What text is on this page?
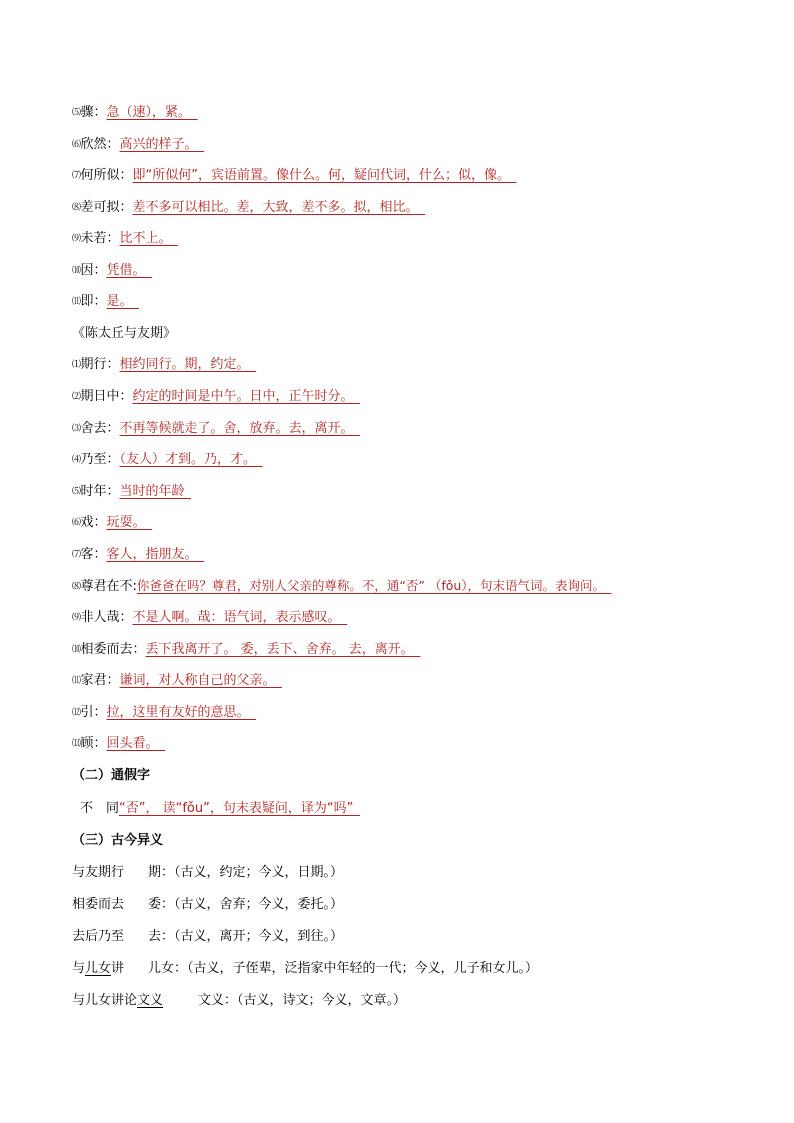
⑸骤：急（速），紧。
⑹欣然：高兴的样子。
⑺何所似：即“所似何”，宾语前置。像什么。何，疑问代词，什么；似，像。
⑻差可拟：差不多可以相比。差，大致，差不多。拟，相比。
⑼未若：比不上。
⑽因：凭借。
⑾即：是。
《陈太丘与友期》
⑴期行：相约同行。期，约定。
⑵期日中：约定的时间是中午。日中，正午时分。
⑶舍去：不再等候就走了。舍，放弃。去，离开。
⑷乃至：（友人）才到。乃，才。
⑸时年：当时的年龄
⑹戏：玩耍。
⑺客：客人，指朋友。
⑻尊君在不:你爸爸在吗？尊君，对别人父亲的尊称。不，通“否” （fǒu），句末语气词。表询问。
⑼非人哉：不是人啊。哉：语气词，表示感叹。
⑽相委而去：丢下我离开了。 委，丢下、舍弃。 去，离开。
⑾家君：谦词，对人称自己的父亲。
⑿引：拉，这里有友好的意思。
⒀顾：回头看。
（二）通假字
不　同“否”， 读“fǒu”，句末表疑问，译为“吗”
（三）古今异义
与友期行 期：（古义，约定；今义，日期。）
相委而去 委：（古义，舍弃；今义，委托。）
去后乃至 去：（古义，离开；今义，到往。）
与儿女讲 儿女：（古义，子侄辈，泛指家中年轻的一代；今义，儿子和女儿。）
与儿女讲论文义	文义：（古义，诗文；今义，文章。）
